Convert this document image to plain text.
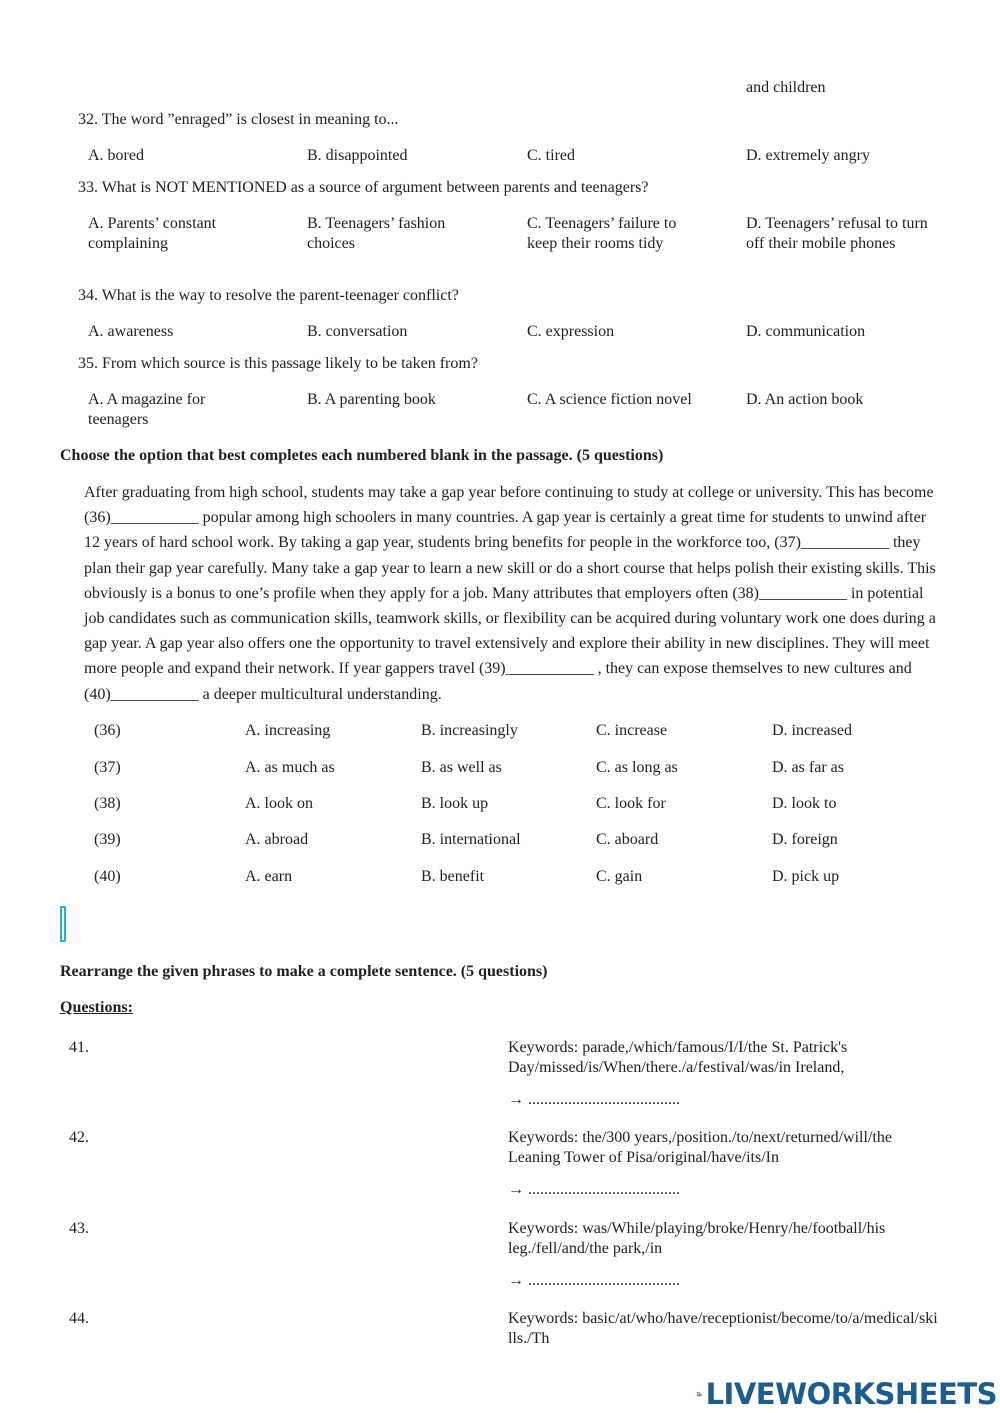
and children
32. The word ”enraged” is closest in meaning to...
A. bored	B. disappointed	C. tired	D. extremely angry
33. What is NOT MENTIONED as a source of argument between parents and teenagers?
A. Parents’ constant complaining
B. Teenagers’ fashion choices
C. Teenagers’ failure to keep their rooms tidy
D. Teenagers’ refusal to turn off their mobile phones
34. What is the way to resolve the parent-teenager conflict?
A. awareness	B. conversation	C. expression	D. communication
35. From which source is this passage likely to be taken from?
A. A magazine for teenagers
B. A parenting book	C. A science fiction novel	D. An action book
Choose the option that best completes each numbered blank in the passage. (5 questions)

After graduating from high school, students may take a gap year before continuing to study at college or university. This has become (36)___________ popular among high schoolers in many countries. A gap year is certainly a great time for students to unwind after 12 years of hard school work. By taking a gap year, students bring benefits for people in the workforce too, (37)___________ they plan their gap year carefully. Many take a gap year to learn a new skill or do a short course that helps polish their existing skills. This obviously is a bonus to one’s profile when they apply for a job. Many attributes that employers often (38)___________ in potential job candidates such as communication skills, teamwork skills, or flexibility can be acquired during voluntary work one does during a gap year. A gap year also offers one the opportunity to travel extensively and explore their ability in new disciplines. They will meet more people and expand their network. If year gappers travel (39)___________ , they can expose themselves to new cultures and (40)___________ a deeper multicultural understanding.

(36)	A. increasing	B. increasingly	C. increase	D. increased
(37)	A. as much as	B. as well as	C. as long as	D. as far as
(38)	A. look on	B. look up	C. look for	D. look to
(39)	A. abroad	B. international	C. aboard	D. foreign
(40)	A. earn	B. benefit	C. gain	D. pick up
Rearrange the given phrases to make a complete sentence. (5 questions)
Questions:
41.	Keywords: parade,/which/famous/I/I/the St. Patrick's Day/missed/is/When/there./a/festival/was/in Ireland,
→ ......................................
42.	Keywords: the/300 years,/position./to/next/returned/will/the Leaning Tower of Pisa/original/have/its/In
→ ......................................
43.	Keywords: was/While/playing/broke/Henry/he/football/his leg./fell/and/the park,/in
→ ......................................
44.	Keywords: basic/at/who/have/receptionist/become/to/a/medical/skills./Th
LIVEWORKSHEETS
